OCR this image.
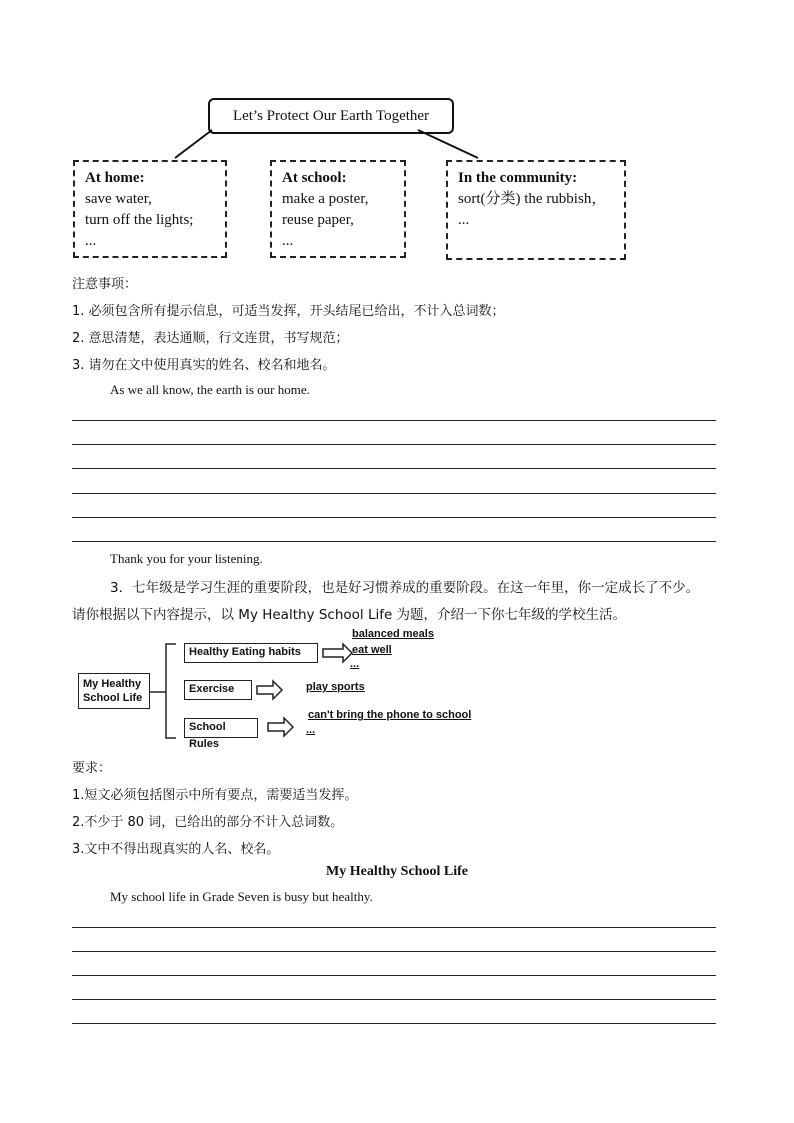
Let’s Protect Our Earth Together
At home:
save water,
turn off the lights;
...
At school:
make a poster,
reuse paper,
...
In the community:
sort(分类) the rubbish，
...
注意事项：
1. 必须包含所有提示信息，可适当发挥，开头结尾已给出，不计入总词数；
2. 意思清楚，表达通顺，行文连贯，书写规范；
3. 请勿在文中使用真实的姓名、校名和地名。
As we all know, the earth is our home.
Thank you for your listening.
3．七年级是学习生涯的重要阶段，也是好习惯养成的重要阶段。在这一年里，你一定成长了不少。
请你根据以下内容提示，以 My Healthy School Life 为题，介绍一下你七年级的学校生活。
My Healthy School Life
Healthy Eating habits
balanced meals
eat well
...
Exercise	play sports
School Rules
can't bring the phone to school
...
要求：
1.短文必须包括图示中所有要点，需要适当发挥。
2.不少于 80 词，已给出的部分不计入总词数。
3.文中不得出现真实的人名、校名。
My Healthy School Life
My school life in Grade Seven is busy but healthy.
